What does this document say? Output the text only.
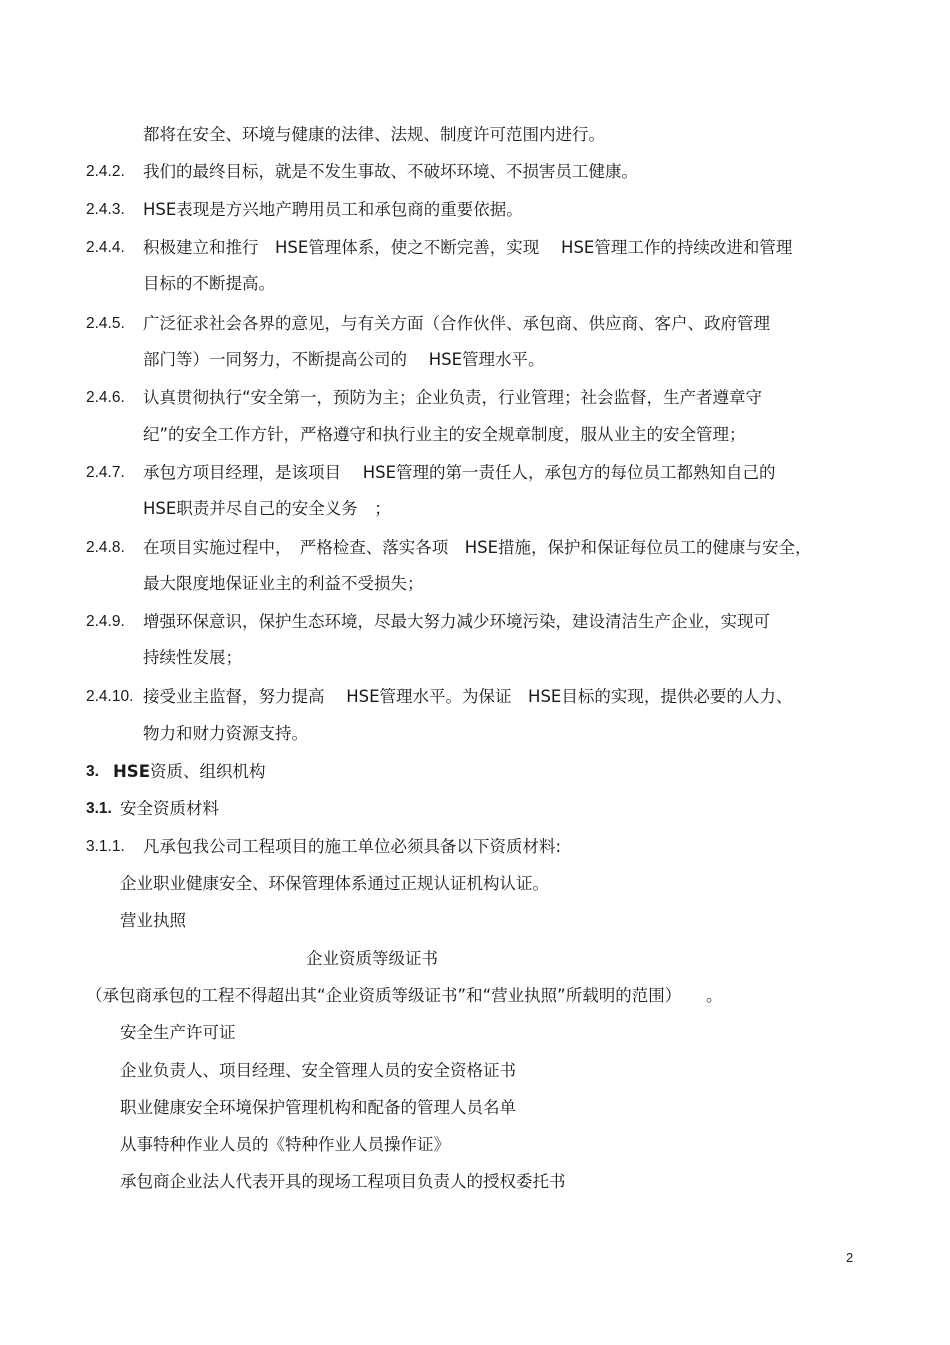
都将在安全、环境与健康的法律、法规、制度许可范围内进行。
2.4.2. 我们的最终目标，就是不发生事故、不破坏环境、不损害员工健康。
2.4.3. HSE表现是方兴地产聘用员工和承包商的重要依据。
2.4.4. 积极建立和推行　HSE管理体系，使之不断完善，实现　 HSE管理工作的持续改进和管理
目标的不断提高。
2.4.5. 广泛征求社会各界的意见，与有关方面（合作伙伴、承包商、供应商、客户、政府管理
部门等）一同努力，不断提高公司的　 HSE管理水平。
2.4.6. 认真贯彻执行“安全第一，预防为主；企业负责，行业管理；社会监督，生产者遵章守
纪”的安全工作方针，严格遵守和执行业主的安全规章制度，服从业主的安全管理；
2.4.7. 承包方项目经理，是该项目　 HSE管理的第一责任人，承包方的每位员工都熟知自己的
HSE职责并尽自己的安全义务　；
2.4.8. 在项目实施过程中，　严格检查、落实各项　HSE措施，保护和保证每位员工的健康与安全，
最大限度地保证业主的利益不受损失；
2.4.9. 增强环保意识，保护生态环境，尽最大努力减少环境污染，建设清洁生产企业，实现可
持续性发展；
2.4.10. 接受业主监督，努力提高　 HSE管理水平。为保证　HSE目标的实现，提供必要的人力、
物力和财力资源支持。
3. HSE资质、组织机构
3.1. 安全资质材料
3.1.1. 凡承包我公司工程项目的施工单位必须具备以下资质材料:
企业职业健康安全、环保管理体系通过正规认证机构认证。
营业执照
企业资质等级证书
（承包商承包的工程不得超出其“企业资质等级证书”和“营业执照”所载明的范围）　　。
安全生产许可证
企业负责人、项目经理、安全管理人员的安全资格证书
职业健康安全环境保护管理机构和配备的管理人员名单
从事特种作业人员的《特种作业人员操作证》
承包商企业法人代表开具的现场工程项目负责人的授权委托书
2
